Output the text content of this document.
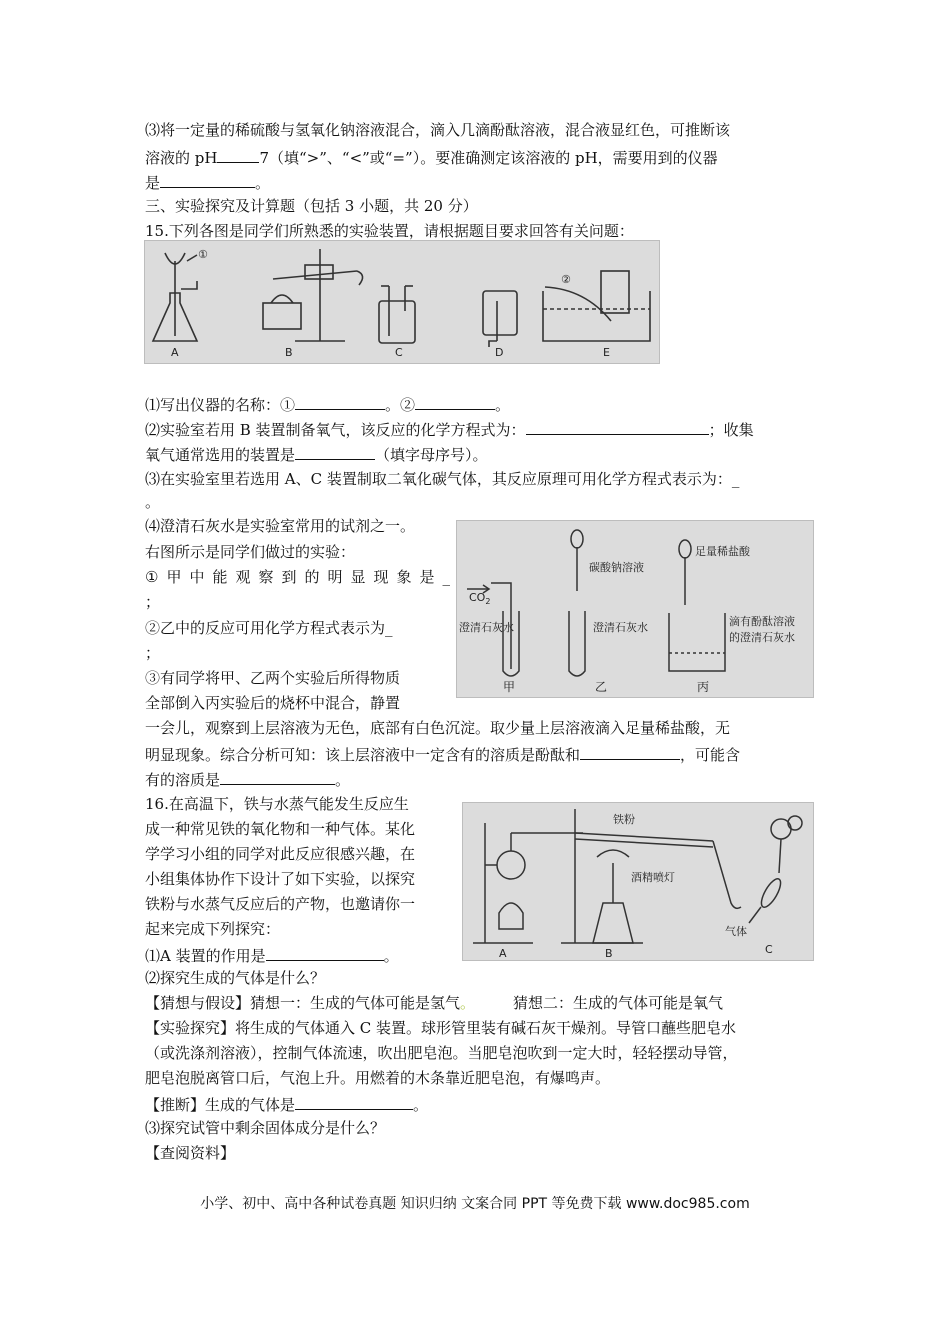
⑶将一定量的稀硫酸与氢氧化钠溶液混合，滴入几滴酚酞溶液，混合液显红色，可推断该
溶液的 pH	7（填“>”、“<”或“=”）。要准确测定该溶液的 pH，需要用到的仪器
是	。
三、实验探究及计算题（包括 3 小题，共 20 分）
15.下列各图是同学们所熟悉的实验装置，请根据题目要求回答有关问题：
A	B	C	D	E
①
②
⑴写出仪器的名称：①	。②	。
⑵实验室若用 B 装置制备氧气，该反应的化学方程式为：	；收集
氧气通常选用的装置是	（填字母序号）。
⑶在实验室里若选用 A、C 装置制取二氧化碳气体，其反应原理可用化学方程式表示为：_
。
⑷澄清石灰水是实验室常用的试剂之一。
右图所示是同学们做过的实验：
① 甲 中 能 观 察 到 的 明 显 现 象 是 _
；
②乙中的反应可用化学方程式表示为_
；
③有同学将甲、乙两个实验后所得物质
全部倒入丙实验后的烧杯中混合，静置
一会儿，观察到上层溶液为无色，底部有白色沉淀。取少量上层溶液滴入足量稀盐酸，无
明显现象。综合分析可知：该上层溶液中一定含有的溶质是酚酞和	，可能含
有的溶质是	。
$CO_2$
澄清石灰水
碳酸钠溶液
澄清石灰水
足量稀盐酸
滴有酚酞溶液
的澄清石灰水
甲	乙	丙
16.在高温下，铁与水蒸气能发生反应生
成一种常见铁的氧化物和一种气体。某化
学学习小组的同学对此反应很感兴趣，在
小组集体协作下设计了如下实验，以探究
铁粉与水蒸气反应后的产物，也邀请你一
起来完成下列探究：
⑴A 装置的作用是	。
⑵探究生成的气体是什么？
【猜想与假设】猜想一：生成的气体可能是氢气。	猜想二：生成的气体可能是氧气
【实验探究】将生成的气体通入 C 装置。球形管里装有碱石灰干燥剂。导管口蘸些肥皂水
（或洗涤剂溶液），控制气体流速，吹出肥皂泡。当肥皂泡吹到一定大时，轻轻摆动导管，
肥皂泡脱离管口后，气泡上升。用燃着的木条靠近肥皂泡，有爆鸣声。
【推断】生成的气体是	。
⑶探究试管中剩余固体成分是什么？
【查阅资料】
铁粉
酒精喷灯
气体
A	B	C
小学、初中、高中各种试卷真题 知识归纳 文案合同 PPT 等免费下载 www.doc985.com
